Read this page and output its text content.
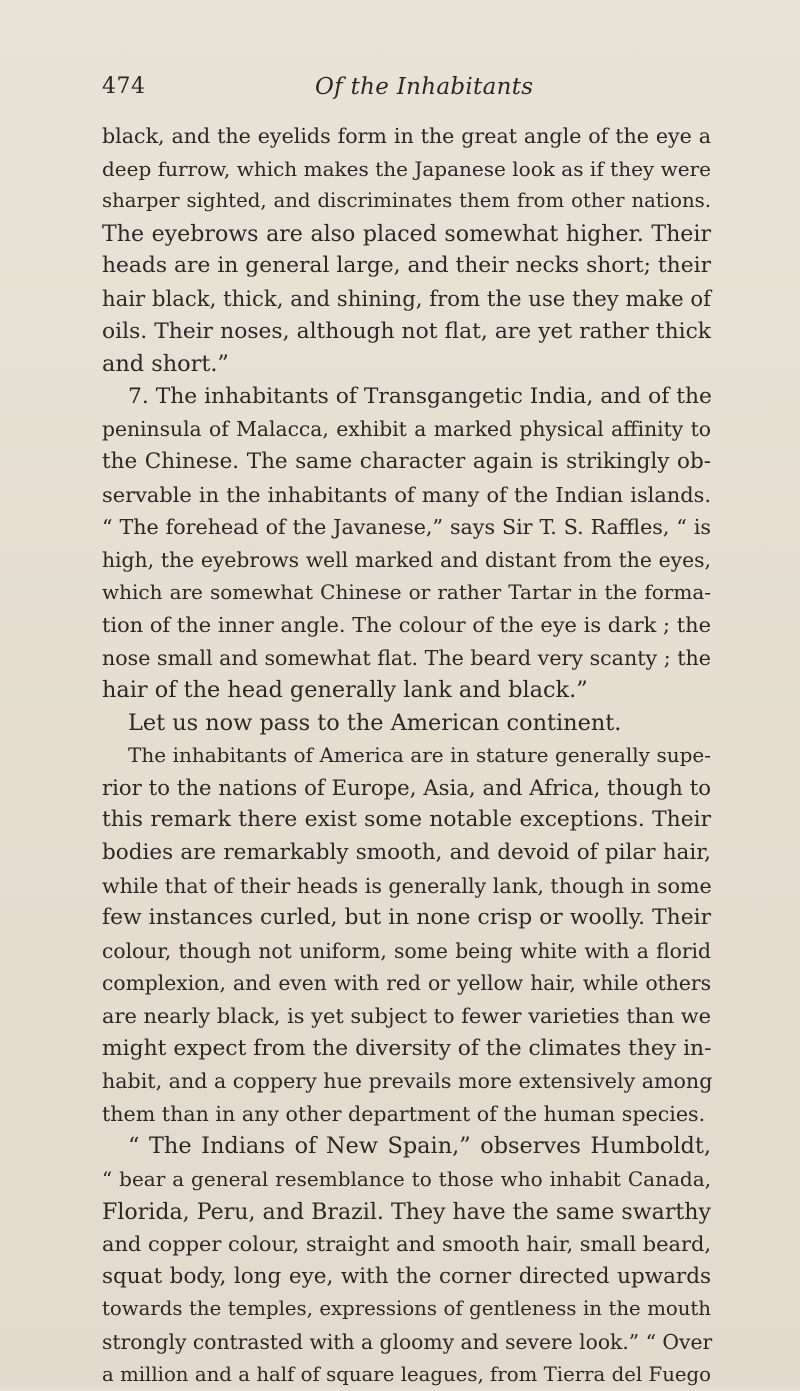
474	Of the Inhabitants
black, and the eyelids form in the great angle of the eye a
deep furrow, which makes the Japanese look as if they were
sharper sighted, and discriminates them from other nations.
The eyebrows are also placed somewhat higher. Their
heads are in general large, and their necks short; their
hair black, thick, and shining, from the use they make of
oils. Their noses, although not flat, are yet rather thick
and short.”
7. The inhabitants of Transgangetic India, and of the
peninsula of Malacca, exhibit a marked physical affinity to
the Chinese. The same character again is strikingly ob-
servable in the inhabitants of many of the Indian islands.
“ The forehead of the Javanese,” says Sir T. S. Raffles, “ is
high, the eyebrows well marked and distant from the eyes,
which are somewhat Chinese or rather Tartar in the forma-
tion of the inner angle. The colour of the eye is dark ; the
nose small and somewhat flat. The beard very scanty ; the
hair of the head generally lank and black.”
Let us now pass to the American continent.
The inhabitants of America are in stature generally supe-
rior to the nations of Europe, Asia, and Africa, though to
this remark there exist some notable exceptions. Their
bodies are remarkably smooth, and devoid of pilar hair,
while that of their heads is generally lank, though in some
few instances curled, but in none crisp or woolly. Their
colour, though not uniform, some being white with a florid
complexion, and even with red or yellow hair, while others
are nearly black, is yet subject to fewer varieties than we
might expect from the diversity of the climates they in-
habit, and a coppery hue prevails more extensively among
them than in any other department of the human species.
“ The Indians of New Spain,” observes Humboldt,
“ bear a general resemblance to those who inhabit Canada,
Florida, Peru, and Brazil. They have the same swarthy
and copper colour, straight and smooth hair, small beard,
squat body, long eye, with the corner directed upwards
towards the temples, expressions of gentleness in the mouth
strongly contrasted with a gloomy and severe look.” “ Over
a million and a half of square leagues, from Tierra del Fuego
